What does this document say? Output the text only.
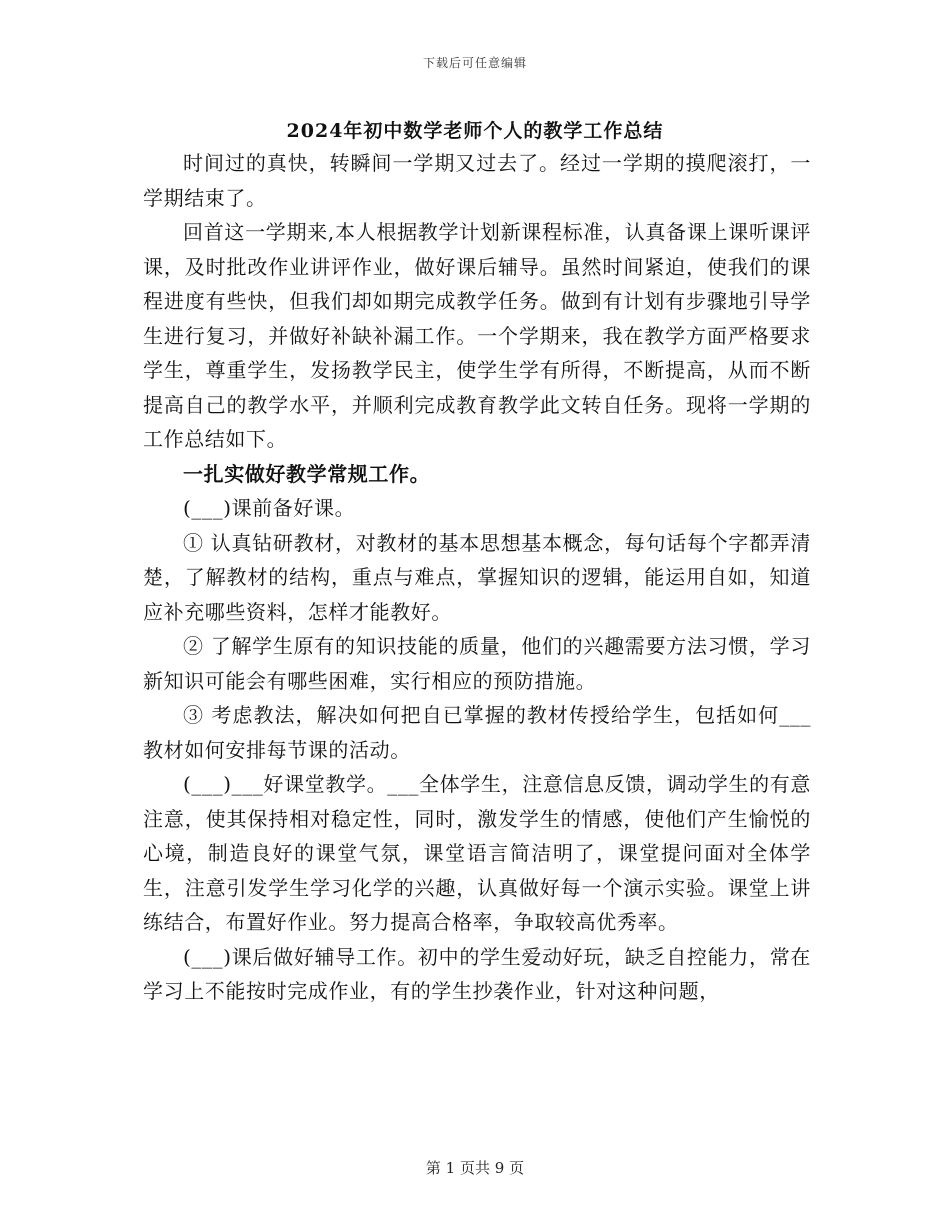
下载后可任意编辑
2024年初中数学老师个人的教学工作总结

时间过的真快，转瞬间一学期又过去了。经过一学期的摸爬滚打，一学期结束了。

回首这一学期来,本人根据教学计划新课程标准，认真备课上课听课评课，及时批改作业讲评作业，做好课后辅导。虽然时间紧迫，使我们的课程进度有些快，但我们却如期完成教学任务。做到有计划有步骤地引导学生进行复习，并做好补缺补漏工作。一个学期来，我在教学方面严格要求学生，尊重学生，发扬教学民主，使学生学有所得，不断提高，从而不断提高自己的教学水平，并顺利完成教育教学此文转自任务。现将一学期的工作总结如下。

一扎实做好教学常规工作。

(___)课前备好课。

① 认真钻研教材，对教材的基本思想基本概念，每句话每个字都弄清楚，了解教材的结构，重点与难点，掌握知识的逻辑，能运用自如，知道应补充哪些资料，怎样才能教好。

② 了解学生原有的知识技能的质量，他们的兴趣需要方法习惯，学习新知识可能会有哪些困难，实行相应的预防措施。

③ 考虑教法，解决如何把自已掌握的教材传授给学生，包括如何___教材如何安排每节课的活动。

(___)___好课堂教学。___全体学生，注意信息反馈，调动学生的有意注意，使其保持相对稳定性，同时，激发学生的情感，使他们产生愉悦的心境，制造良好的课堂气氛，课堂语言简洁明了，课堂提问面对全体学生，注意引发学生学习化学的兴趣，认真做好每一个演示实验。课堂上讲练结合，布置好作业。努力提高合格率，争取较高优秀率。

(___)课后做好辅导工作。初中的学生爱动好玩，缺乏自控能力，常在学习上不能按时完成作业，有的学生抄袭作业，针对这种问题，

第 1 页共 9 页
